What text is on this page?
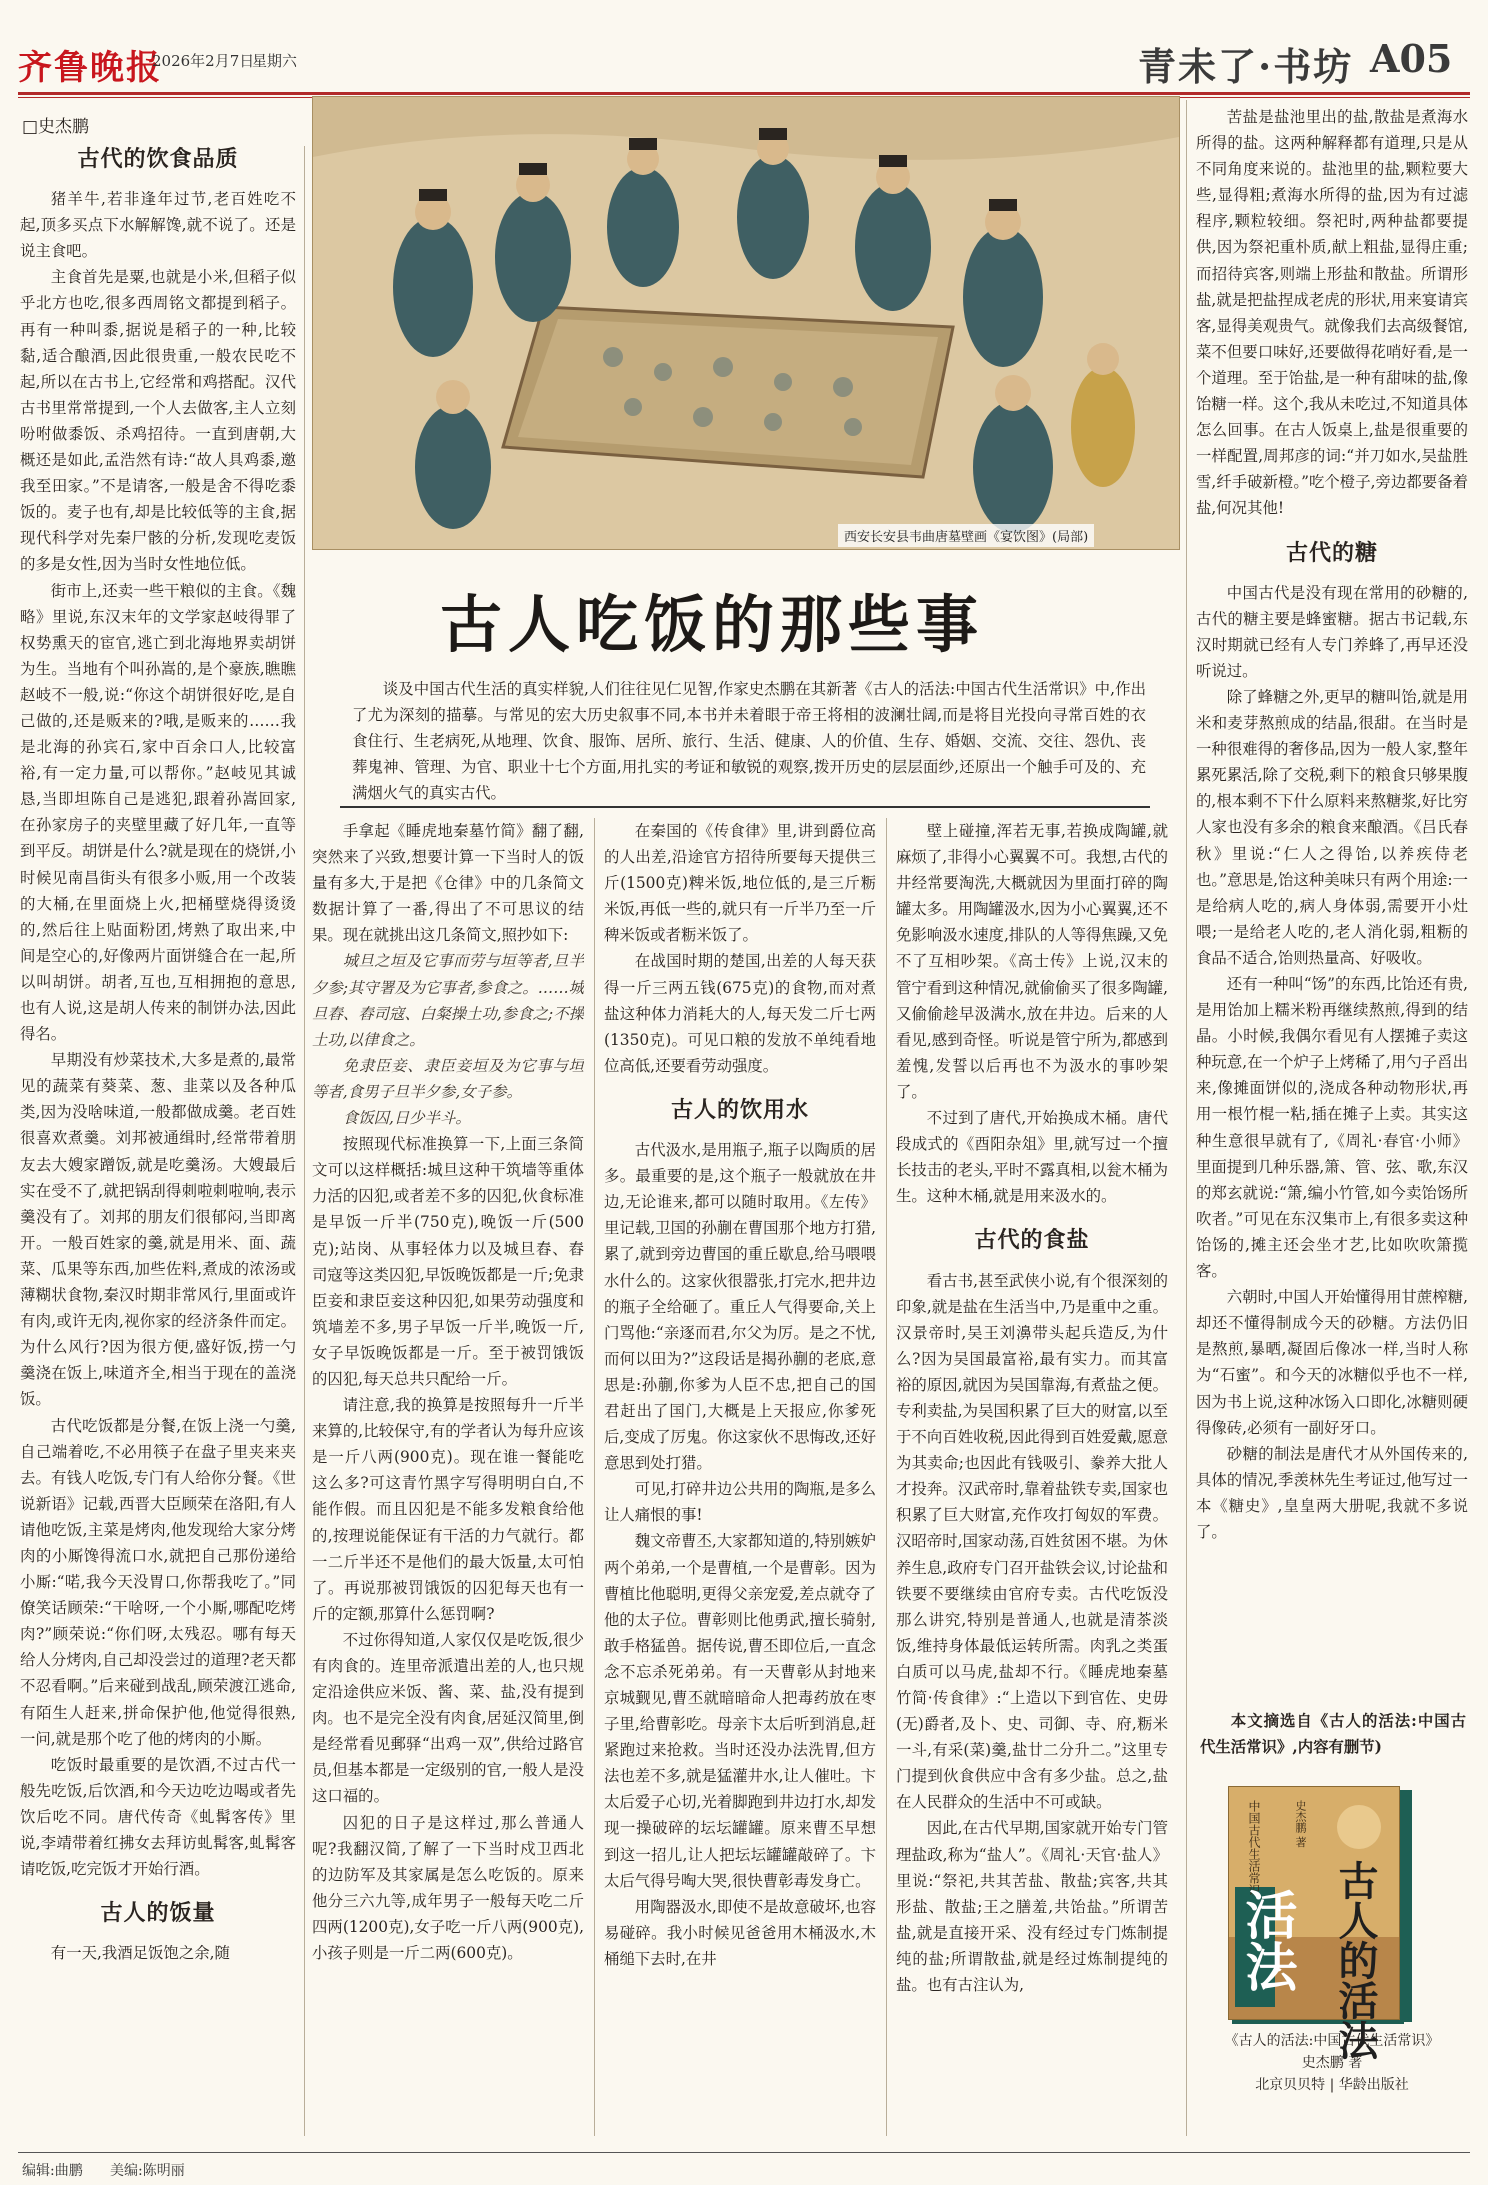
齐鲁晚报
2026年2月7日
星期六	青未了·书坊 A05
□史杰鹏
古代的饮食品质

猪羊牛,若非逢年过节,老百姓吃不起,顶多买点下水解解馋,就不说了。还是说主食吧。

主食首先是粟,也就是小米,但稻子似乎北方也吃,很多西周铭文都提到稻子。再有一种叫黍,据说是稻子的一种,比较黏,适合酿酒,因此很贵重,一般农民吃不起,所以在古书上,它经常和鸡搭配。汉代古书里常常提到,一个人去做客,主人立刻吩咐做黍饭、杀鸡招待。一直到唐朝,大概还是如此,孟浩然有诗:“故人具鸡黍,邀我至田家。”不是请客,一般是舍不得吃黍饭的。麦子也有,却是比较低等的主食,据现代科学对先秦尸骸的分析,发现吃麦饭的多是女性,因为当时女性地位低。

街市上,还卖一些干粮似的主食。《魏略》里说,东汉末年的文学家赵岐得罪了权势熏天的宦官,逃亡到北海地界卖胡饼为生。当地有个叫孙嵩的,是个豪族,瞧瞧赵岐不一般,说:“你这个胡饼很好吃,是自己做的,还是贩来的?哦,是贩来的……我是北海的孙宾石,家中百余口人,比较富裕,有一定力量,可以帮你。”赵岐见其诚恳,当即坦陈自己是逃犯,跟着孙嵩回家,在孙家房子的夹壁里藏了好几年,一直等到平反。胡饼是什么?就是现在的烧饼,小时候见南昌街头有很多小贩,用一个改装的大桶,在里面烧上火,把桶壁烧得烫烫的,然后往上贴面粉团,烤熟了取出来,中间是空心的,好像两片面饼缝合在一起,所以叫胡饼。胡者,互也,互相拥抱的意思,也有人说,这是胡人传来的制饼办法,因此得名。

早期没有炒菜技术,大多是煮的,最常见的蔬菜有葵菜、葱、韭菜以及各种瓜类,因为没啥味道,一般都做成羹。老百姓很喜欢煮羹。刘邦被通缉时,经常带着朋友去大嫂家蹭饭,就是吃羹汤。大嫂最后实在受不了,就把锅刮得刺啦刺啦响,表示羹没有了。刘邦的朋友们很郁闷,当即离开。一般百姓家的羹,就是用米、面、蔬菜、瓜果等东西,加些佐料,煮成的浓汤或薄糊状食物,秦汉时期非常风行,里面或许有肉,或许无肉,视你家的经济条件而定。为什么风行?因为很方便,盛好饭,捞一勺羹浇在饭上,味道齐全,相当于现在的盖浇饭。

古代吃饭都是分餐,在饭上浇一勺羹,自己端着吃,不必用筷子在盘子里夹来夹去。有钱人吃饭,专门有人给你分餐。《世说新语》记载,西晋大臣顾荣在洛阳,有人请他吃饭,主菜是烤肉,他发现给大家分烤肉的小厮馋得流口水,就把自己那份递给小厮:“喏,我今天没胃口,你帮我吃了。”同僚笑话顾荣:“干啥呀,一个小厮,哪配吃烤肉?”顾荣说:“你们呀,太残忍。哪有每天给人分烤肉,自己却没尝过的道理?老天都不忍看啊。”后来碰到战乱,顾荣渡江逃命,有陌生人赶来,拼命保护他,他觉得很熟,一问,就是那个吃了他的烤肉的小厮。

吃饭时最重要的是饮酒,不过古代一般先吃饭,后饮酒,和今天边吃边喝或者先饮后吃不同。唐代传奇《虬髯客传》里说,李靖带着红拂女去拜访虬髯客,虬髯客请吃饭,吃完饭才开始行酒。

古人的饭量

有一天,我酒足饭饱之余,随

西安长安县韦曲唐墓壁画《宴饮图》(局部)
古人吃饭的那些事
谈及中国古代生活的真实样貌,人们往往见仁见智,作家史杰鹏在其新著《古人的活法:中国古代生活常识》中,作出了尤为深刻的描摹。与常见的宏大历史叙事不同,本书并未着眼于帝王将相的波澜壮阔,而是将目光投向寻常百姓的衣食住行、生老病死,从地理、饮食、服饰、居所、旅行、生活、健康、人的价值、生存、婚姻、交流、交往、怨仇、丧葬鬼神、管理、为官、职业十七个方面,用扎实的考证和敏锐的观察,拨开历史的层层面纱,还原出一个触手可及的、充满烟火气的真实古代。

手拿起《睡虎地秦墓竹简》翻了翻,突然来了兴致,想要计算一下当时人的饭量有多大,于是把《仓律》中的几条简文数据计算了一番,得出了不可思议的结果。现在就挑出这几条简文,照抄如下:

城旦之垣及它事而劳与垣等者,旦半夕参;其守署及为它事者,参食之。……城旦舂、舂司寇、白粲操土功,参食之;不操土功,以律食之。

免隶臣妾、隶臣妾垣及为它事与垣等者,食男子旦半夕参,女子参。

食饭囚,日少半斗。

按照现代标准换算一下,上面三条简文可以这样概括:城旦这种干筑墙等重体力活的囚犯,或者差不多的囚犯,伙食标准是早饭一斤半(750克),晚饭一斤(500克);站岗、从事轻体力以及城旦舂、舂司寇等这类囚犯,早饭晚饭都是一斤;免隶臣妾和隶臣妾这种囚犯,如果劳动强度和筑墙差不多,男子早饭一斤半,晚饭一斤,女子早饭晚饭都是一斤。至于被罚饿饭的囚犯,每天总共只配给一斤。

请注意,我的换算是按照每升一斤半来算的,比较保守,有的学者认为每升应该是一斤八两(900克)。现在谁一餐能吃这么多?可这青竹黑字写得明明白白,不能作假。而且囚犯是不能多发粮食给他的,按理说能保证有干活的力气就行。都一二斤半还不是他们的最大饭量,太可怕了。再说那被罚饿饭的囚犯每天也有一斤的定额,那算什么惩罚啊?

不过你得知道,人家仅仅是吃饭,很少有肉食的。连里帝派遣出差的人,也只规定沿途供应米饭、酱、菜、盐,没有提到肉。也不是完全没有肉食,居延汉简里,倒是经常看见郵驿“出鸡一双”,供给过路官员,但基本都是一定级别的官,一般人是没这口福的。

囚犯的日子是这样过,那么普通人呢?我翻汉简,了解了一下当时戍卫西北的边防军及其家属是怎么吃饭的。原来他分三六九等,成年男子一般每天吃二斤四两(1200克),女子吃一斤八两(900克),小孩子则是一斤二两(600克)。

在秦国的《传食律》里,讲到爵位高的人出差,沿途官方招待所要每天提供三斤(1500克)粺米饭,地位低的,是三斤粝米饭,再低一些的,就只有一斤半乃至一斤稗米饭或者粝米饭了。

在战国时期的楚国,出差的人每天获得一斤三两五钱(675克)的食物,而对煮盐这种体力消耗大的人,每天发二斤七两(1350克)。可见口粮的发放不单纯看地位高低,还要看劳动强度。

古人的饮用水

古代汲水,是用瓶子,瓶子以陶质的居多。最重要的是,这个瓶子一般就放在井边,无论谁来,都可以随时取用。《左传》里记载,卫国的孙蒯在曹国那个地方打猎,累了,就到旁边曹国的重丘歇息,给马喂喂水什么的。这家伙很嚣张,打完水,把井边的瓶子全给砸了。重丘人气得要命,关上门骂他:“亲逐而君,尔父为厉。是之不忧,而何以田为?”这段话是揭孙蒯的老底,意思是:孙蒯,你爹为人臣不忠,把自己的国君赶出了国门,大概是上天报应,你爹死后,变成了厉鬼。你这家伙不思悔改,还好意思到处打猎。

可见,打碎井边公共用的陶瓶,是多么让人痛恨的事!

魏文帝曹丕,大家都知道的,特别嫉妒两个弟弟,一个是曹植,一个是曹彰。因为曹植比他聪明,更得父亲宠爱,差点就夺了他的太子位。曹彰则比他勇武,擅长骑射,敢手格猛兽。据传说,曹丕即位后,一直念念不忘杀死弟弟。有一天曹彰从封地来京城觐见,曹丕就暗暗命人把毒药放在枣子里,给曹彰吃。母亲卞太后听到消息,赶紧跑过来抢救。当时还没办法洗胃,但方法也差不多,就是猛灌井水,让人催吐。卞太后爱子心切,光着脚跑到井边打水,却发现一操破碎的坛坛罐罐。原来曹丕早想到这一招儿,让人把坛坛罐罐敲碎了。卞太后气得号啕大哭,很快曹彰毒发身亡。

用陶器汲水,即使不是故意破坏,也容易碰碎。我小时候见爸爸用木桶汲水,木桶缒下去时,在井

壁上碰撞,浑若无事,若换成陶罐,就麻烦了,非得小心翼翼不可。我想,古代的井经常要淘洗,大概就因为里面打碎的陶罐太多。用陶罐汲水,因为小心翼翼,还不免影响汲水速度,排队的人等得焦躁,又免不了互相吵架。《高士传》上说,汉末的管宁看到这种情况,就偷偷买了很多陶罐,又偷偷趁早汲满水,放在井边。后来的人看见,感到奇怪。听说是管宁所为,都感到羞愧,发誓以后再也不为汲水的事吵架了。

不过到了唐代,开始换成木桶。唐代段成式的《酉阳杂俎》里,就写过一个擅长技击的老头,平时不露真相,以瓮木桶为生。这种木桶,就是用来汲水的。

古代的食盐

看古书,甚至武侠小说,有个很深刻的印象,就是盐在生活当中,乃是重中之重。汉景帝时,吴王刘濞带头起兵造反,为什么?因为吴国最富裕,最有实力。而其富裕的原因,就因为吴国靠海,有煮盐之便。专利卖盐,为吴国积累了巨大的财富,以至于不向百姓收税,因此得到百姓爱戴,愿意为其卖命;也因此有钱吸引、豢养大批人才投奔。汉武帝时,靠着盐铁专卖,国家也积累了巨大财富,充作攻打匈奴的军费。汉昭帝时,国家动荡,百姓贫困不堪。为休养生息,政府专门召开盐铁会议,讨论盐和铁要不要继续由官府专卖。古代吃饭没那么讲究,特别是普通人,也就是清茶淡饭,维持身体最低运转所需。肉乳之类蛋白质可以马虎,盐却不行。《睡虎地秦墓竹简·传食律》:“上造以下到官佐、史毋(无)爵者,及卜、史、司御、寺、府,粝米一斗,有采(菜)羹,盐廿二分升二。”这里专门提到伙食供应中含有多少盐。总之,盐在人民群众的生活中不可或缺。

因此,在古代早期,国家就开始专门管理盐政,称为“盐人”。《周礼·天官·盐人》里说:“祭祀,共其苦盐、散盐;宾客,共其形盐、散盐;王之膳羞,共饴盐。”所谓苦盐,就是直接开采、没有经过专门炼制提纯的盐;所谓散盐,就是经过炼制提纯的盐。也有古注认为,

苦盐是盐池里出的盐,散盐是煮海水所得的盐。这两种解释都有道理,只是从不同角度来说的。盐池里的盐,颗粒要大些,显得粗;煮海水所得的盐,因为有过滤程序,颗粒较细。祭祀时,两种盐都要提供,因为祭祀重朴质,献上粗盐,显得庄重;而招待宾客,则端上形盐和散盐。所谓形盐,就是把盐捏成老虎的形状,用来宴请宾客,显得美观贵气。就像我们去高级餐馆,菜不但要口味好,还要做得花哨好看,是一个道理。至于饴盐,是一种有甜味的盐,像饴糖一样。这个,我从未吃过,不知道具体怎么回事。在古人饭桌上,盐是很重要的一样配置,周邦彦的词:“并刀如水,吴盐胜雪,纤手破新橙。”吃个橙子,旁边都要备着盐,何况其他!

古代的糖

中国古代是没有现在常用的砂糖的,古代的糖主要是蜂蜜糖。据古书记载,东汉时期就已经有人专门养蜂了,再早还没听说过。

除了蜂糖之外,更早的糖叫饴,就是用米和麦芽熬煎成的结晶,很甜。在当时是一种很难得的奢侈品,因为一般人家,整年累死累活,除了交税,剩下的粮食只够果腹的,根本剩不下什么原料来熬糖浆,好比穷人家也没有多余的粮食来酿酒。《吕氏春秋》里说:“仁人之得饴,以养疾侍老也。”意思是,饴这种美味只有两个用途:一是给病人吃的,病人身体弱,需要开小灶喂;一是给老人吃的,老人消化弱,粗粝的食品不适合,饴则热量高、好吸收。

还有一种叫“饧”的东西,比饴还有贵,是用饴加上糯米粉再继续熬煎,得到的结晶。小时候,我偶尔看见有人摆摊子卖这种玩意,在一个炉子上烤稀了,用勺子舀出来,像摊面饼似的,浇成各种动物形状,再用一根竹棍一粘,插在摊子上卖。其实这种生意很早就有了,《周礼·春官·小师》里面提到几种乐器,箫、管、弦、歌,东汉的郑玄就说:“箫,编小竹管,如今卖饴饧所吹者。”可见在东汉集市上,有很多卖这种饴饧的,摊主还会坐才艺,比如吹吹箫揽客。

六朝时,中国人开始懂得用甘蔗榨糖,却还不懂得制成今天的砂糖。方法仍旧是熬煎,暴晒,凝固后像冰一样,当时人称为“石蜜”。和今天的冰糖似乎也不一样,因为书上说,这种冰饧入口即化,冰糖则硬得像砖,必须有一副好牙口。

砂糖的制法是唐代才从外国传来的,具体的情况,季羡林先生考证过,他写过一本《糖史》,皇皇两大册呢,我就不多说了。

本文摘选自《古人的活法:中国古代生活常识》,内容有删节)
中国古代生活常识	史杰鹏 著
古人的活法
活法
《古人的活法:中国古代生活常识》
史杰鹏 著
北京贝贝特 | 华龄出版社
编辑:曲鹏 美编:陈明丽
